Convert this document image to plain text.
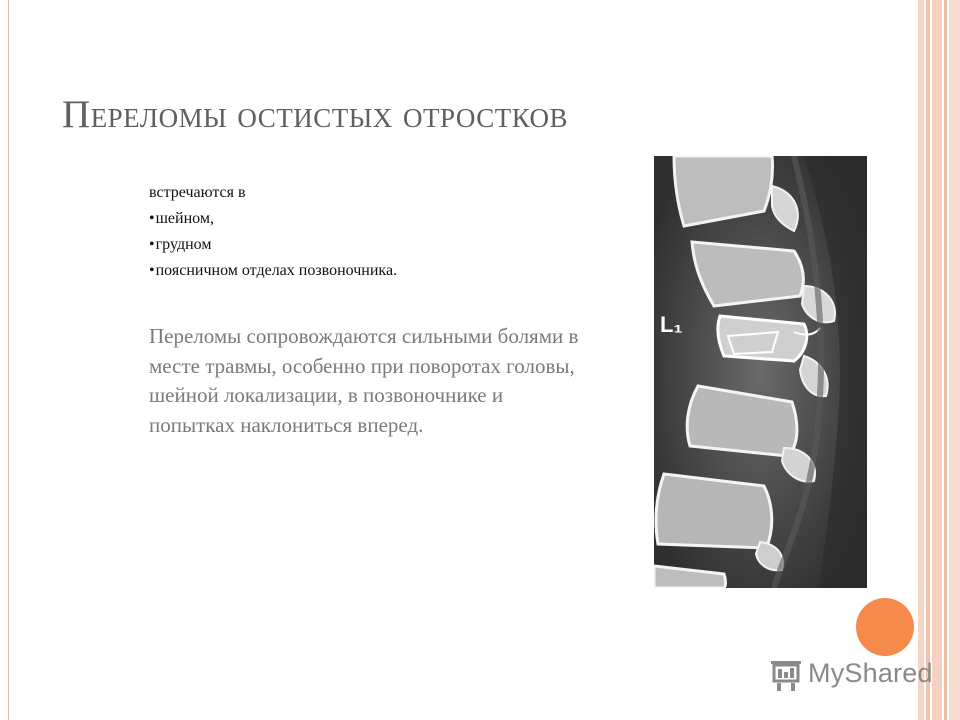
Переломы остистых отростков
встречаются в
• шейном,
• грудном
• поясничном отделах позвоночника.
Переломы сопровождаются сильными болями в месте травмы, особенно при поворотах головы, шейной локализации, в позвоночнике и попытках наклониться вперед.
L₁
MyShared
